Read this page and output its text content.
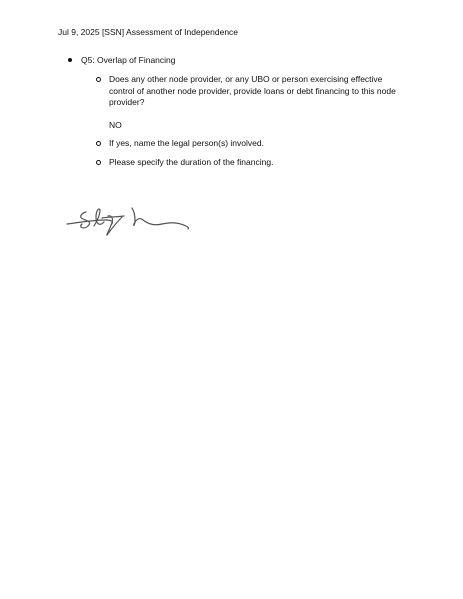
Jul 9, 2025 [SSN] Assessment of Independence
Q5: Overlap of Financing
Does any other node provider, or any UBO or person exercising effective control of another node provider, provide loans or debt financing to this node provider?
NO
If yes, name the legal person(s) involved.
Please specify the duration of the financing.
